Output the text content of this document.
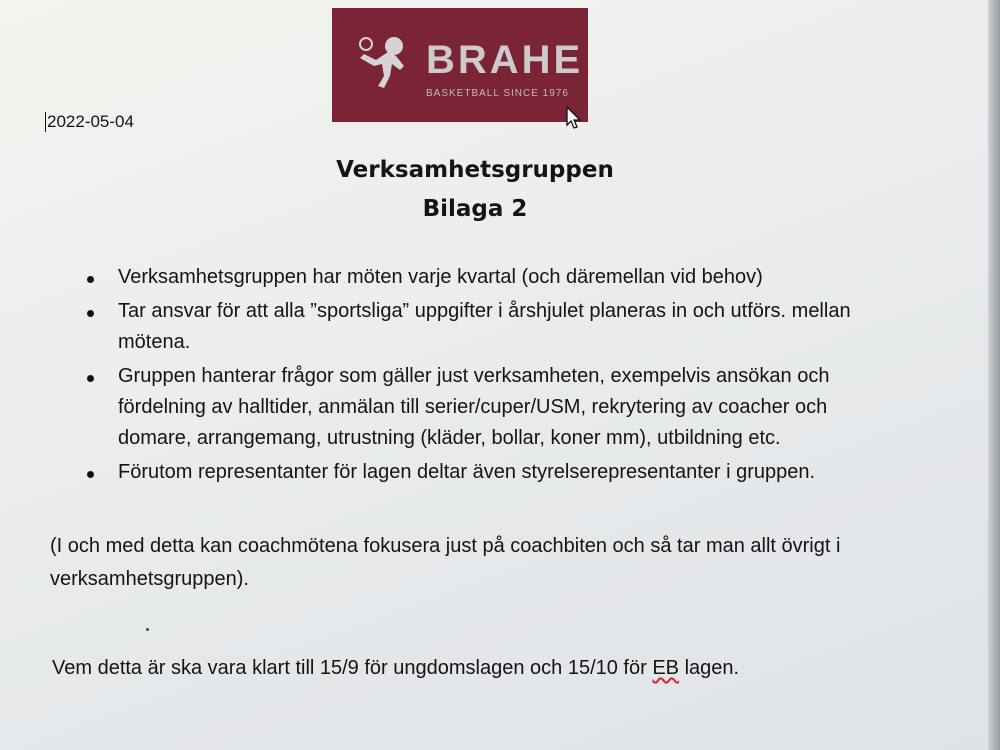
BRAHE
BASKETBALL SINCE 1976
2022-05-04
Verksamhetsgruppen
Bilaga 2
Verksamhetsgruppen har möten varje kvartal (och däremellan vid behov)
Tar ansvar för att alla ”sportsliga” uppgifter i årshjulet planeras in och utförs. mellan mötena.
Gruppen hanterar frågor som gäller just verksamheten, exempelvis ansökan och fördelning av halltider, anmälan till serier/cuper/USM, rekrytering av coacher och domare, arrangemang, utrustning (kläder, bollar, koner mm), utbildning etc.
Förutom representanter för lagen deltar även styrelserepresentanter i gruppen.
(I och med detta kan coachmötena fokusera just på coachbiten och så tar man allt övrigt i verksamhetsgruppen).
Vem detta är ska vara klart till 15/9 för ungdomslagen och 15/10 för EB lagen.
